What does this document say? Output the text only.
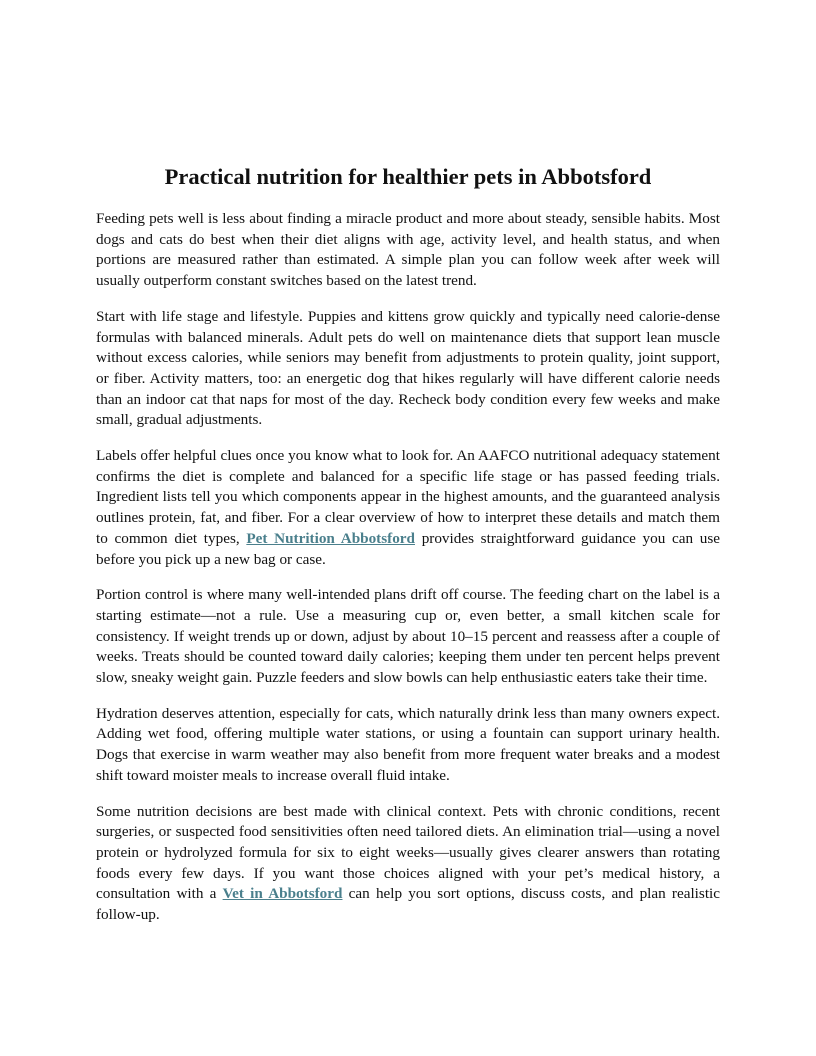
Practical nutrition for healthier pets in Abbotsford

Feeding pets well is less about finding a miracle product and more about steady, sensible habits. Most dogs and cats do best when their diet aligns with age, activity level, and health status, and when portions are measured rather than estimated. A simple plan you can follow week after week will usually outperform constant switches based on the latest trend.

Start with life stage and lifestyle. Puppies and kittens grow quickly and typically need calorie-dense formulas with balanced minerals. Adult pets do well on maintenance diets that support lean muscle without excess calories, while seniors may benefit from adjustments to protein quality, joint support, or fiber. Activity matters, too: an energetic dog that hikes regularly will have different calorie needs than an indoor cat that naps for most of the day. Recheck body condition every few weeks and make small, gradual adjustments.

Labels offer helpful clues once you know what to look for. An AAFCO nutritional adequacy statement confirms the diet is complete and balanced for a specific life stage or has passed feeding trials. Ingredient lists tell you which components appear in the highest amounts, and the guaranteed analysis outlines protein, fat, and fiber. For a clear overview of how to interpret these details and match them to common diet types, Pet Nutrition Abbotsford provides straightforward guidance you can use before you pick up a new bag or case.

Portion control is where many well-intended plans drift off course. The feeding chart on the label is a starting estimate—not a rule. Use a measuring cup or, even better, a small kitchen scale for consistency. If weight trends up or down, adjust by about 10–15 percent and reassess after a couple of weeks. Treats should be counted toward daily calories; keeping them under ten percent helps prevent slow, sneaky weight gain. Puzzle feeders and slow bowls can help enthusiastic eaters take their time.

Hydration deserves attention, especially for cats, which naturally drink less than many owners expect. Adding wet food, offering multiple water stations, or using a fountain can support urinary health. Dogs that exercise in warm weather may also benefit from more frequent water breaks and a modest shift toward moister meals to increase overall fluid intake.

Some nutrition decisions are best made with clinical context. Pets with chronic conditions, recent surgeries, or suspected food sensitivities often need tailored diets. An elimination trial—using a novel protein or hydrolyzed formula for six to eight weeks—usually gives clearer answers than rotating foods every few days. If you want those choices aligned with your pet’s medical history, a consultation with a Vet in Abbotsford can help you sort options, discuss costs, and plan realistic follow-up.
